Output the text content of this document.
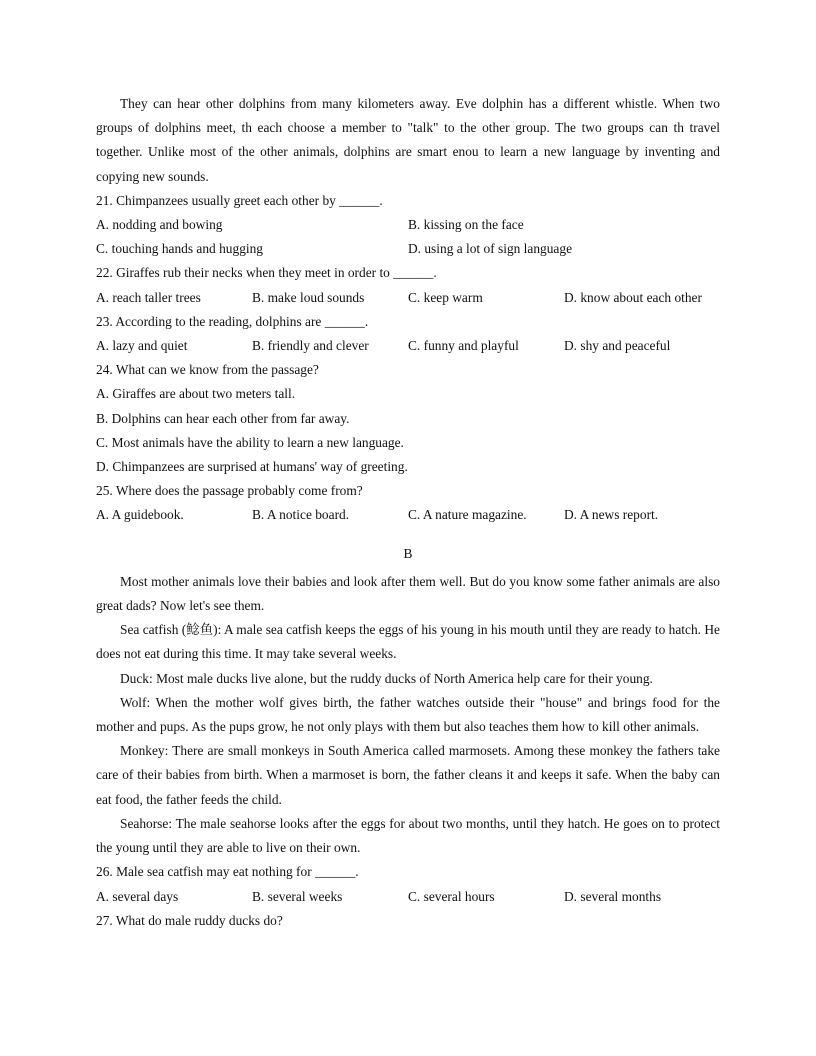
They can hear other dolphins from many kilometers away. Eve dolphin has a different whistle. When two groups of dolphins meet, th each choose a member to "talk" to the other group. The two groups can th travel together. Unlike most of the other animals, dolphins are smart enou to learn a new language by inventing and copying new sounds.

21. Chimpanzees usually greet each other by ______.

A. nodding and bowing	B. kissing on the face
C. touching hands and hugging	D. using a lot of sign language

22. Giraffes rub their necks when they meet in order to ______.

A. reach taller trees	B. make loud sounds	C. keep warm	D. know about each other

23. According to the reading, dolphins are ______.

A. lazy and quiet	B. friendly and clever	C. funny and playful	D. shy and peaceful

24. What can we know from the passage?

A. Giraffes are about two meters tall.

B. Dolphins can hear each other from far away.

C. Most animals have the ability to learn a new language.

D. Chimpanzees are surprised at humans' way of greeting.

25. Where does the passage probably come from?

A. A guidebook.	B. A notice board.	C. A nature magazine.	D. A news report.

B

Most mother animals love their babies and look after them well. But do you know some father animals are also great dads? Now let's see them.

Sea catfish (鲶鱼): A male sea catfish keeps the eggs of his young in his mouth until they are ready to hatch. He does not eat during this time. It may take several weeks.

Duck: Most male ducks live alone, but the ruddy ducks of North America help care for their young.

Wolf: When the mother wolf gives birth, the father watches outside their "house" and brings food for the mother and pups. As the pups grow, he not only plays with them but also teaches them how to kill other animals.

Monkey: There are small monkeys in South America called marmosets. Among these monkey the fathers take care of their babies from birth. When a marmoset is born, the father cleans it and keeps it safe. When the baby can eat food, the father feeds the child.

Seahorse: The male seahorse looks after the eggs for about two months, until they hatch. He goes on to protect the young until they are able to live on their own.

26. Male sea catfish may eat nothing for ______.

A. several days	B. several weeks	C. several hours	D. several months

27. What do male ruddy ducks do?
